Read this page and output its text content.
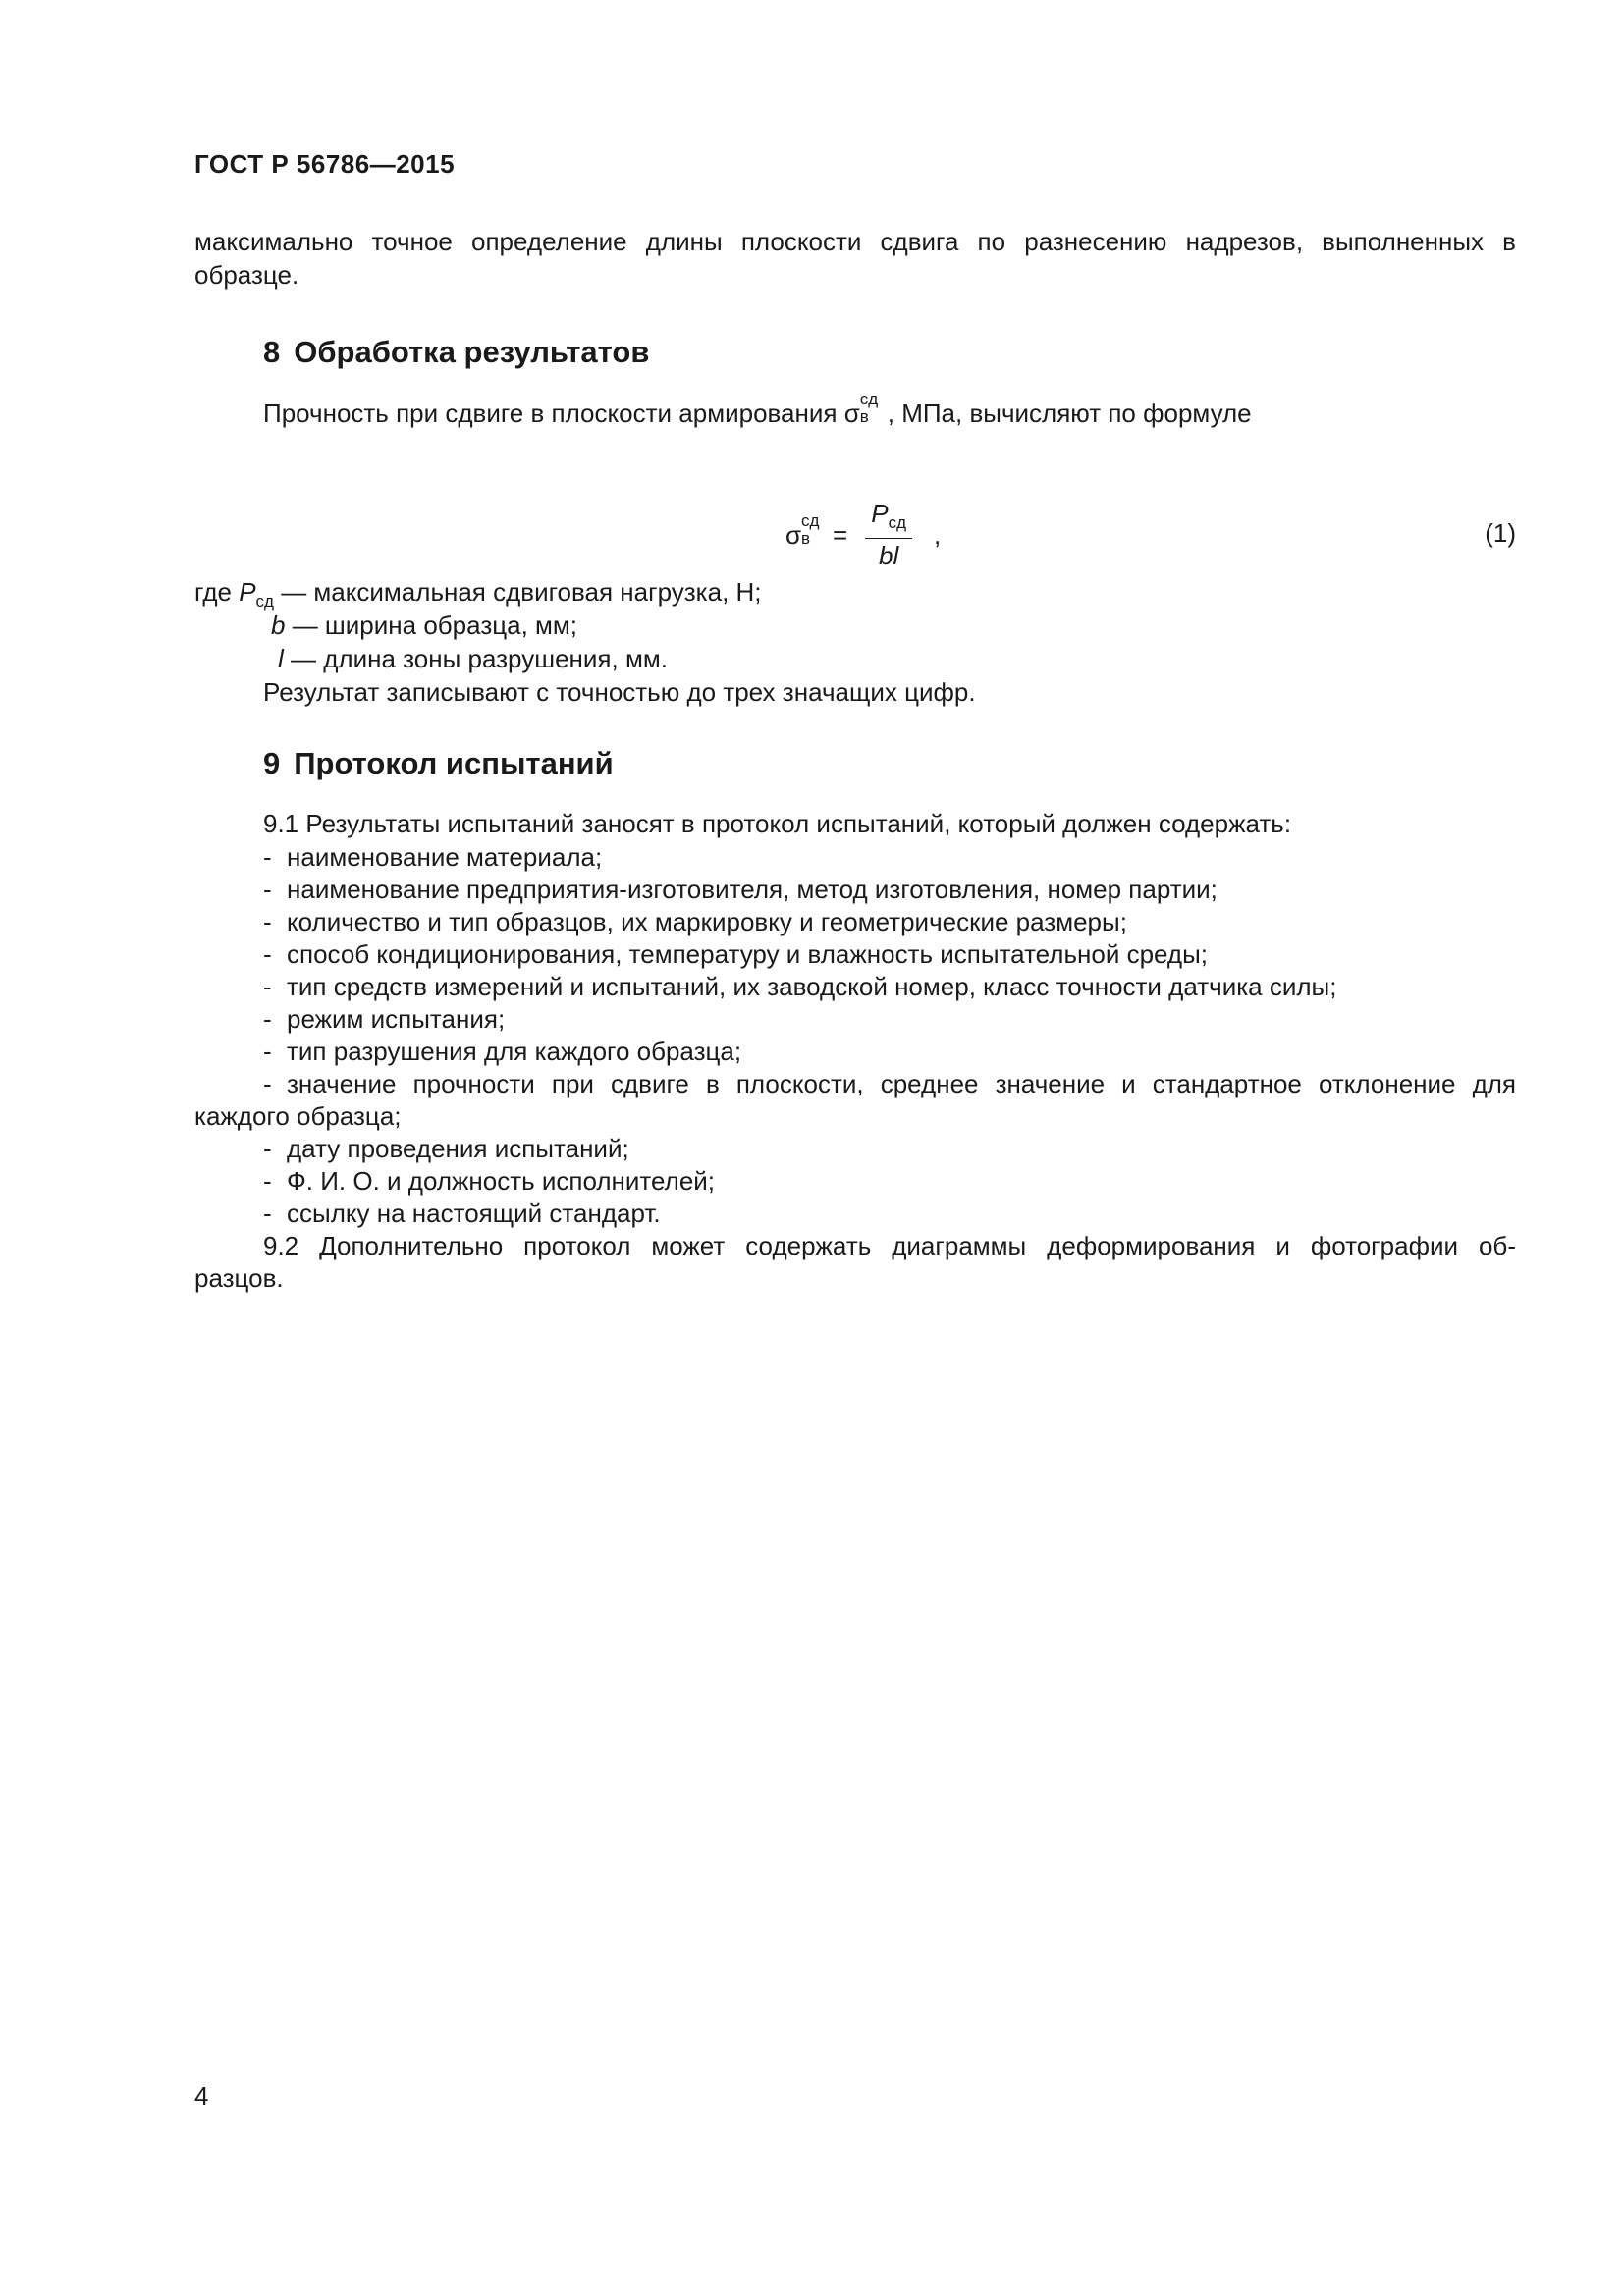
ГОСТ Р 56786—2015
максимально точное определение длины плоскости сдвига по разнесению надрезов, выполненных в
образце.
8 Обработка результатов
Прочность при сдвиге в плоскости армирования σ сд
в , МПа, вычисляют по формуле
σ сд
$в = \frac{P_{сд}}{bl}$ ,	(1)
где $P_{сд}$ — максимальная сдвиговая нагрузка, Н;
b — ширина образца, мм;
l — длина зоны разрушения, мм.
Результат записывают с точностью до трех значащих цифр.
9 Протокол испытаний
9.1 Результаты испытаний заносят в протокол испытаний, который должен содержать:
- наименование материала;
- наименование предприятия-изготовителя, метод изготовления, номер партии;
- количество и тип образцов, их маркировку и геометрические размеры;
- способ кондиционирования, температуру и влажность испытательной среды;
- тип средств измерений и испытаний, их заводской номер, класс точности датчика силы;
- режим испытания;
- тип разрушения для каждого образца;
- значение прочности при сдвиге в плоскости, среднее значение и стандартное отклонение для
каждого образца;
- дату проведения испытаний;
- Ф. И. О. и должность исполнителей;
- ссылку на настоящий стандарт.
9.2 Дополнительно протокол может содержать диаграммы деформирования и фотографии об-
разцов.
4
